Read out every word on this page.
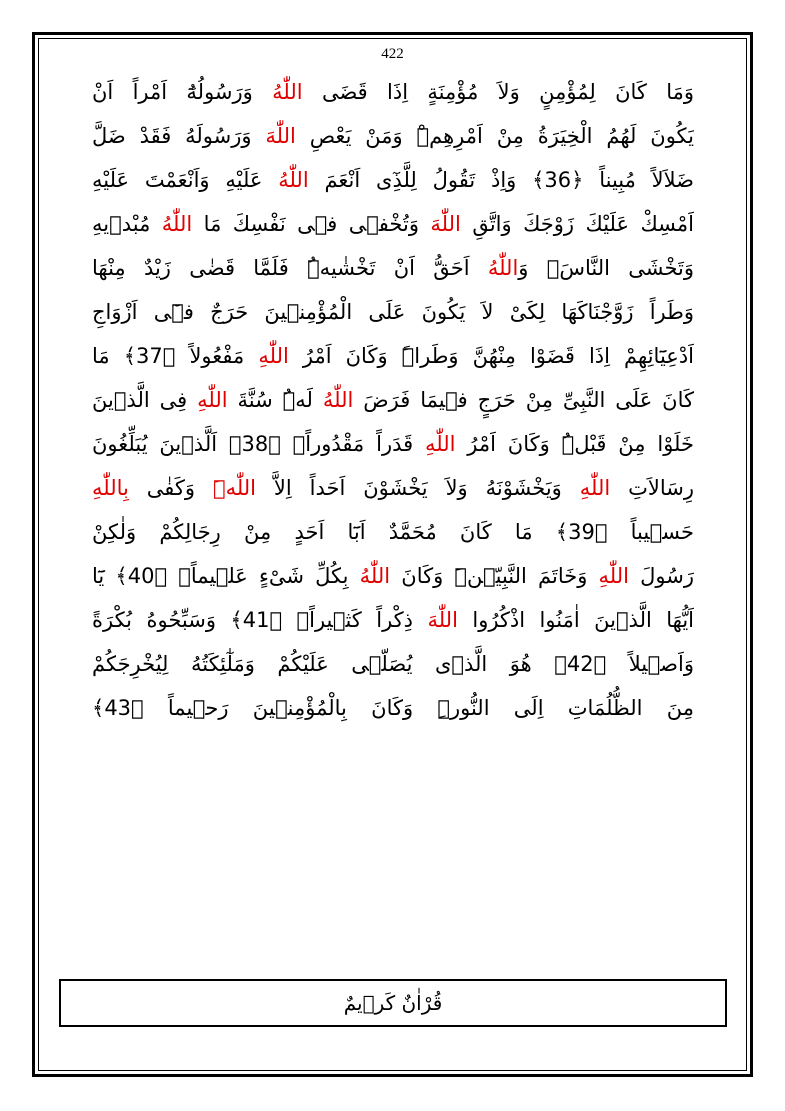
422
وَمَا كَانَ لِمُؤْمِنٍ وَلاَ مُؤْمِنَةٍ اِذَا قَضَى اللّٰهُ وَرَسُولُهُٓ اَمْراً اَنْ
يَكُونَ لَهُمُ الْخِيَرَةُ مِنْ اَمْرِهِمْۜ وَمَنْ يَعْصِ اللّٰهَ وَرَسُولَهُ فَقَدْ ضَلَّ
ضَلاَلاً مُبِيناً ﴿36﴾ وَاِذْ تَقُولُ لِلَّذِٓى اَنْعَمَ اللّٰهُ عَلَيْهِ وَاَنْعَمْتَ عَلَيْهِ
اَمْسِكْ عَلَيْكَ زَوْجَكَ وَاتَّقِ اللّٰهَ وَتُخْفٖى فٖى نَفْسِكَ مَا اللّٰهُ مُبْدٖيهِ
وَتَخْشَى النَّاسَۚ وَاللّٰهُ اَحَقُّ اَنْ تَخْشٰيهُۜ فَلَمَّا قَضٰى زَيْدٌ مِنْهَا
وَطَراً زَوَّجْنَاكَهَا لِكَىْ لاَ يَكُونَ عَلَى الْمُؤْمِنٖينَ حَرَجٌ فٖٓى اَزْوَاجِ
اَدْعِيَٓائِهِمْ اِذَا قَضَوْا مِنْهُنَّ وَطَراًۜ وَكَانَ اَمْرُ اللّٰهِ مَفْعُولاً ﴿37﴾ مَا
كَانَ عَلَى النَّبِىِّ مِنْ حَرَجٍ فٖيمَا فَرَضَ اللّٰهُ لَهُۜ سُنَّةَ اللّٰهِ فِى الَّذٖينَ
خَلَوْا مِنْ قَبْلُۜ وَكَانَ اَمْرُ اللّٰهِ قَدَراً مَقْدُوراًۙ ﴿38﴾ اَلَّذٖينَ يُبَلِّغُونَ
رِسَالاَتِ اللّٰهِ وَيَخْشَوْنَهُ وَلاَ يَخْشَوْنَ اَحَداً اِلاَّ اللّٰهَۜ وَكَفٰى بِاللّٰهِ
حَسٖيباً ﴿39﴾ مَا كَانَ مُحَمَّدٌ اَبَٓا اَحَدٍ مِنْ رِجَالِكُمْ وَلٰكِنْ
رَسُولَ اللّٰهِ وَخَاتَمَ النَّبِيّٖنَۜ وَكَانَ اللّٰهُ بِكُلِّ شَىْءٍ عَلٖيماًۚ ﴿40﴾ يَٓا
اَيُّهَا الَّذٖينَ اٰمَنُوا اذْكُرُوا اللّٰهَ ذِكْراً كَثٖيراًۙ ﴿41﴾ وَسَبِّحُوهُ بُكْرَةً
وَاَصٖيلاً ﴿42﴾ هُوَ الَّذٖى يُصَلّٖى عَلَيْكُمْ وَمَلٰٓئِكَتُهُ لِيُخْرِجَكُمْ
مِنَ الظُّلُمَاتِ اِلَى النُّورِۜ وَكَانَ بِالْمُؤْمِنٖينَ رَحٖيماً ﴿43﴾
قُرْاٰنٌ كَرٖيمٌ
